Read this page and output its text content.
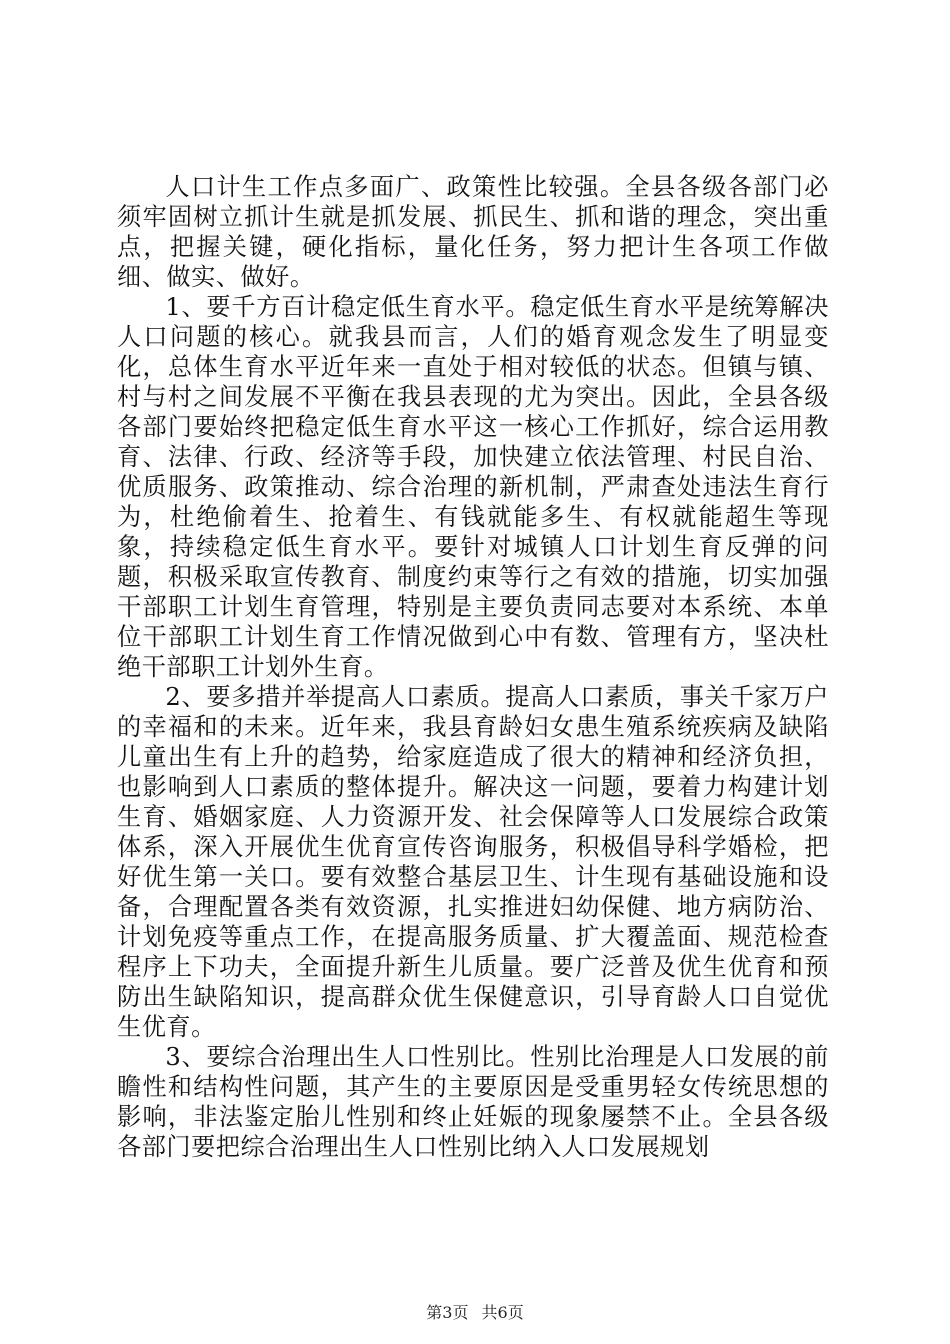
人口计生工作点多面广、政策性比较强。全县各级各部门必须牢固树立抓计生就是抓发展、抓民生、抓和谐的理念，突出重点，把握关键，硬化指标，量化任务，努力把计生各项工作做细、做实、做好。

1、要千方百计稳定低生育水平。稳定低生育水平是统筹解决人口问题的核心。就我县而言，人们的婚育观念发生了明显变化，总体生育水平近年来一直处于相对较低的状态。但镇与镇、村与村之间发展不平衡在我县表现的尤为突出。因此，全县各级各部门要始终把稳定低生育水平这一核心工作抓好，综合运用教育、法律、行政、经济等手段，加快建立依法管理、村民自治、优质服务、政策推动、综合治理的新机制，严肃查处违法生育行为，杜绝偷着生、抢着生、有钱就能多生、有权就能超生等现象，持续稳定低生育水平。要针对城镇人口计划生育反弹的问题，积极采取宣传教育、制度约束等行之有效的措施，切实加强干部职工计划生育管理，特别是主要负责同志要对本系统、本单位干部职工计划生育工作情况做到心中有数、管理有方，坚决杜绝干部职工计划外生育。

2、要多措并举提高人口素质。提高人口素质，事关千家万户的幸福和的未来。近年来，我县育龄妇女患生殖系统疾病及缺陷儿童出生有上升的趋势，给家庭造成了很大的精神和经济负担，也影响到人口素质的整体提升。解决这一问题，要着力构建计划生育、婚姻家庭、人力资源开发、社会保障等人口发展综合政策体系，深入开展优生优育宣传咨询服务，积极倡导科学婚检，把好优生第一关口。要有效整合基层卫生、计生现有基础设施和设备，合理配置各类有效资源，扎实推进妇幼保健、地方病防治、计划免疫等重点工作，在提高服务质量、扩大覆盖面、规范检查程序上下功夫，全面提升新生儿质量。要广泛普及优生优育和预防出生缺陷知识，提高群众优生保健意识，引导育龄人口自觉优生优育。

3、要综合治理出生人口性别比。性别比治理是人口发展的前瞻性和结构性问题，其产生的主要原因是受重男轻女传统思想的影响，非法鉴定胎儿性别和终止妊娠的现象屡禁不止。全县各级各部门要把综合治理出生人口性别比纳入人口发展规划

第3页 共6页
